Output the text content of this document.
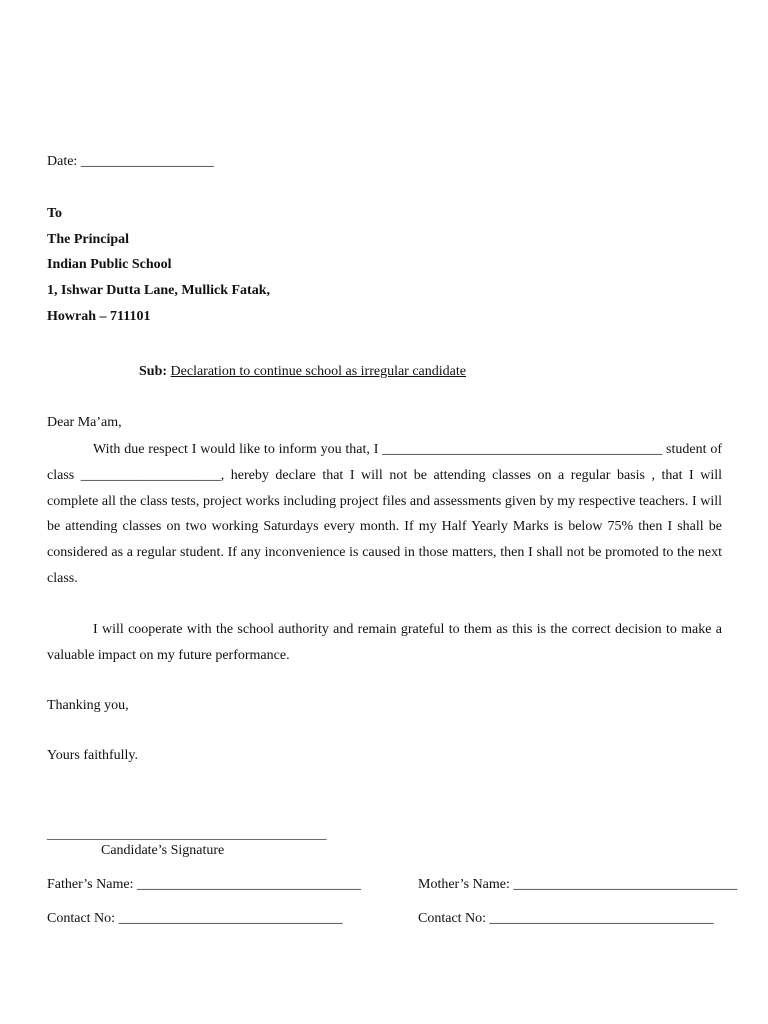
Date: ___________________
To
The Principal
Indian Public School
1, Ishwar Dutta Lane, Mullick Fatak,
Howrah – 711101
Sub: Declaration to continue school as irregular candidate
Dear Ma’am,

With due respect I would like to inform you that, I ________________________________________ student of class ____________________, hereby declare that I will not be attending classes on a regular basis , that I will complete all the class tests, project works including project files and assessments given by my respective teachers. I will be attending classes on two working Saturdays every month. If my Half Yearly Marks is below 75% then I shall be considered as a regular student. If any inconvenience is caused in those matters, then I shall not be promoted to the next class.

I will cooperate with the school authority and remain grateful to them as this is the correct decision to make a valuable impact on my future performance.

Thanking you,
Yours faithfully.
___________________________________________
Candidate’s Signature
Father’s Name: ________________________________	Mother’s Name: ________________________________
Contact No: ________________________________	Contact No: ________________________________
